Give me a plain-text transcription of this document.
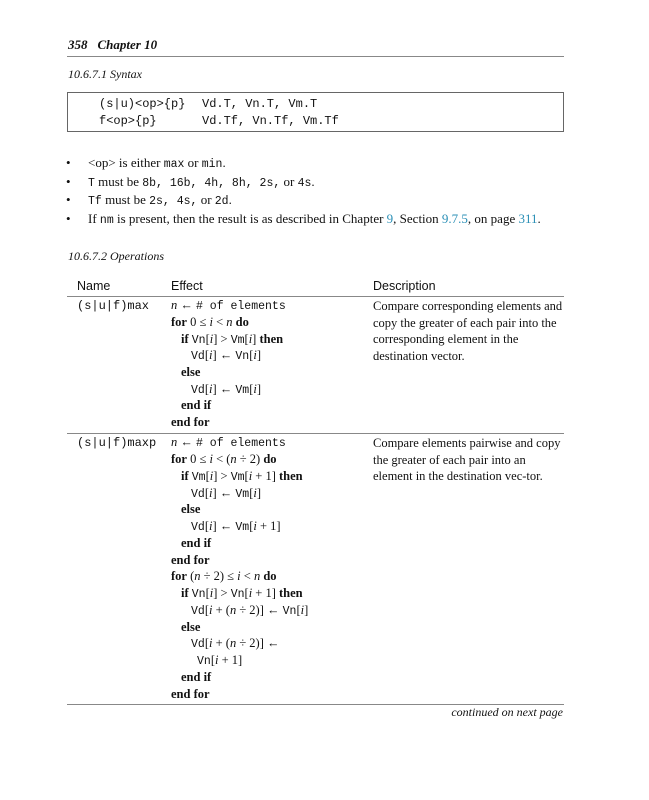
358 Chapter 10
10.6.7.1 Syntax
(s|u)<op>{p} Vd.T, Vn.T, Vm.T
f<op>{p}	Vd.Tf, Vn.Tf, Vm.Tf
• <op> is either max or min.
• T must be 8b, 16b, 4h, 8h, 2s, or 4s.
• Tf must be 2s, 4s, or 2d.
• If nm is present, then the result is as described in Chapter 9, Section 9.7.5, on page 311.
10.6.7.2 Operations
Name	Effect	Description
(s|u|f)max n ← # of elements
for 0 ≤ i < n do
if Vn[i] > Vm[i] then
Vd[i] ← Vn[i]
else
Vd[i] ← Vm[i]
end if
end for
Compare corresponding elements and copy the greater of each pair into the corresponding element in the destination vector.
(s|u|f)maxp n ← # of elements
for 0 ≤ i < (n ÷ 2) do
if Vm[i] > Vm[i + 1] then
Vd[i] ← Vm[i]
else
Vd[i] ← Vm[i + 1]
end if
end for
for (n ÷ 2) ≤ i < n do
if Vn[i] > Vn[i + 1] then
Vd[i + (n ÷ 2)] ← Vn[i]
else
Vd[i + (n ÷ 2)] ←
Vn[i + 1]
end if
end for
Compare elements pairwise and copy the greater of each pair into an element in the destination vec-tor.
continued on next page
